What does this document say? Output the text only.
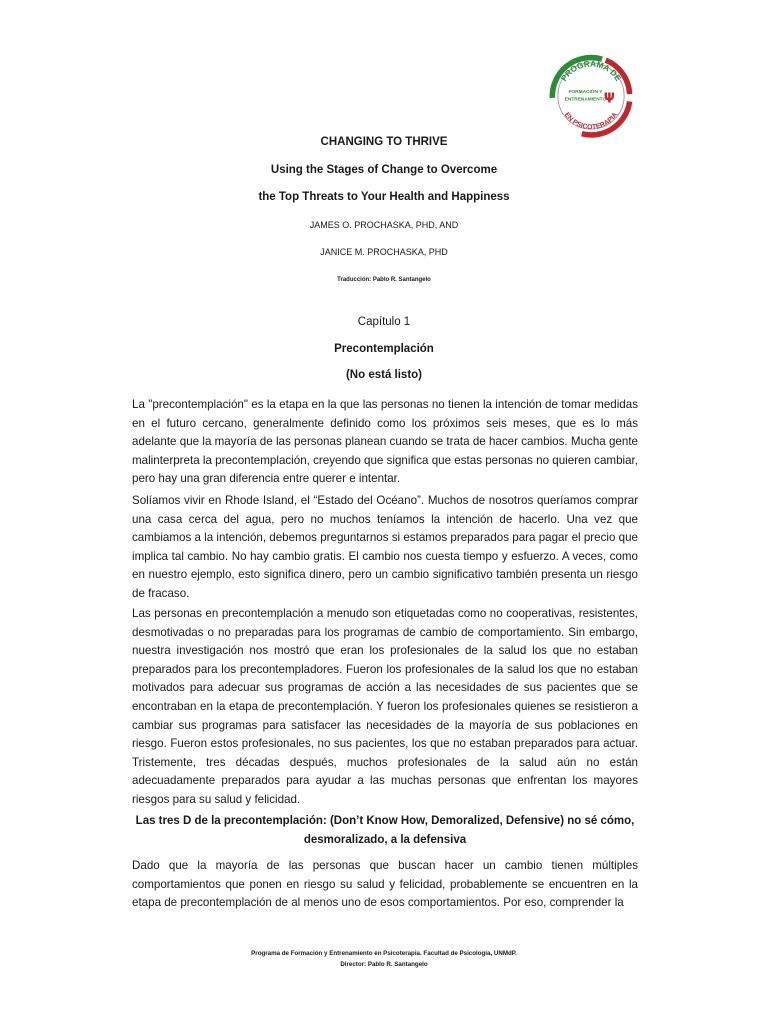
PROGRAMA DE
EN PSICOTERAPIA
FORMACIÓN Y
ENTRENAMIENTO
Ψ
CHANGING TO THRIVE
Using the Stages of Change to Overcome
the Top Threats to Your Health and Happiness
JAMES O. PROCHASKA, PHD, AND
JANICE M. PROCHASKA, PHD
Traducción: Pablo R. Santangelo
Capítulo 1
Precontemplación
(No está listo)

La "precontemplación" es la etapa en la que las personas no tienen la intención de tomar medidas en el futuro cercano, generalmente definido como los próximos seis meses, que es lo más adelante que la mayoría de las personas planean cuando se trata de hacer cambios. Mucha gente malinterpreta la precontemplación, creyendo que significa que estas personas no quieren cambiar, pero hay una gran diferencia entre querer e intentar.

Solíamos vivir en Rhode Island, el “Estado del Océano”. Muchos de nosotros queríamos comprar una casa cerca del agua, pero no muchos teníamos la intención de hacerlo. Una vez que cambiamos a la intención, debemos preguntarnos si estamos preparados para pagar el precio que implica tal cambio. No hay cambio gratis. El cambio nos cuesta tiempo y esfuerzo. A veces, como en nuestro ejemplo, esto significa dinero, pero un cambio significativo también presenta un riesgo de fracaso.

Las personas en precontemplación a menudo son etiquetadas como no cooperativas, resistentes, desmotivadas o no preparadas para los programas de cambio de comportamiento. Sin embargo, nuestra investigación nos mostró que eran los profesionales de la salud los que no estaban preparados para los precontempladores. Fueron los profesionales de la salud los que no estaban motivados para adecuar sus programas de acción a las necesidades de sus pacientes que se encontraban en la etapa de precontemplación. Y fueron los profesionales quienes se resistieron a cambiar sus programas para satisfacer las necesidades de la mayoría de sus poblaciones en riesgo. Fueron estos profesionales, no sus pacientes, los que no estaban preparados para actuar. Tristemente, tres décadas después, muchos profesionales de la salud aún no están adecuadamente preparados para ayudar a las muchas personas que enfrentan los mayores riesgos para su salud y felicidad.

Las tres D de la precontemplación: (Don’t Know How, Demoralized, Defensive) no sé cómo, desmoralizado, a la defensiva

Dado que la mayoría de las personas que buscan hacer un cambio tienen múltiples comportamientos que ponen en riesgo su salud y felicidad, probablemente se encuentren en la etapa de precontemplación de al menos uno de esos comportamientos. Por eso, comprender la

Programa de Formación y Entrenamiento en Psicoterapia. Facultad de Psicología, UNMdP.
Director: Pablo R. Santangelo
